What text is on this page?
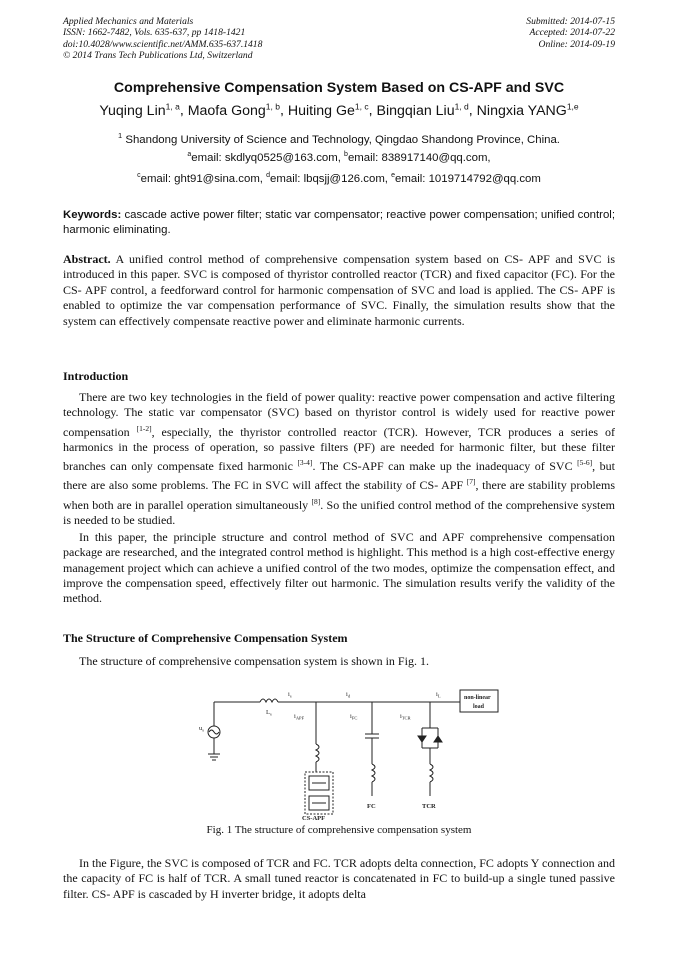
Applied Mechanics and Materials
ISSN: 1662-7482, Vols. 635-637, pp 1418-1421
doi:10.4028/www.scientific.net/AMM.635-637.1418
© 2014 Trans Tech Publications Ltd, Switzerland
Submitted: 2014-07-15
Accepted: 2014-07-22
Online: 2014-09-19
Comprehensive Compensation System Based on CS-APF and SVC
Yuqing Lin$^{1, a}$, Maofa Gong$^{1, b}$, Huiting Ge$^{1, c}$, Bingqian Liu$^{1, d}$, Ningxia YANG$^{1,e}$
$^1$ Shandong University of Science and Technology, Qingdao Shandong Province, China.
$^a$email: skdlyq0525@163.com, $^b$email: 838917140@qq.com,
$^c$email: ght91@sina.com, $^d$email: lbqsjj@126.com, $^e$email: 1019714792@qq.com
Keywords: cascade active power filter; static var compensator; reactive power compensation; unified control; harmonic eliminating.
Abstract. A unified control method of comprehensive compensation system based on CS- APF and SVC is introduced in this paper. SVC is composed of thyristor controlled reactor (TCR) and fixed capacitor (FC). For the CS- APF control, a feedforward control for harmonic compensation of SVC and load is applied. The CS- APF is enabled to optimize the var compensation performance of SVC. Finally, the simulation results show that the system can effectively compensate reactive power and eliminate harmonic currents.
Introduction
There are two key technologies in the field of power quality: reactive power compensation and active filtering technology. The static var compensator (SVC) based on thyristor control is widely used for reactive power compensation [1-2], especially, the thyristor controlled reactor (TCR). However, TCR produces a series of harmonics in the process of operation, so passive filters (PF) are needed for harmonic filter, but these filter branches can only compensate fixed harmonic [3-4]. The CS-APF can make up the inadequacy of SVC [5-6], but there are also some problems. The FC in SVC will affect the stability of CS- APF [7], there are stability problems when both are in parallel operation simultaneously [8]. So the unified control method of the comprehensive system is needed to be studied.
In this paper, the principle structure and control method of SVC and APF comprehensive compensation package are researched, and the integrated control method is highlight. This method is a high cost-effective energy management project which can achieve a unified control of the two modes, optimize the compensation effect, and improve the compensation speed, effectively filter out harmonic. The simulation results verify the validity of the method.
The Structure of Comprehensive Compensation System
The structure of comprehensive compensation system is shown in Fig. 1.
$i_s$
$L_s$
$u_s$
$i_d$	$i_L$
$i_{APF}$	$i_{FC}$	$i_{TCR}$
non-linear
load
CS-APF
FC	TCR
Fig. 1 The structure of comprehensive compensation system
In the Figure, the SVC is composed of TCR and FC. TCR adopts delta connection, FC adopts Y connection and the capacity of FC is half of TCR. A small tuned reactor is concatenated in FC to build-up a single tuned passive filter. CS- APF is cascaded by H inverter bridge, it adopts delta
